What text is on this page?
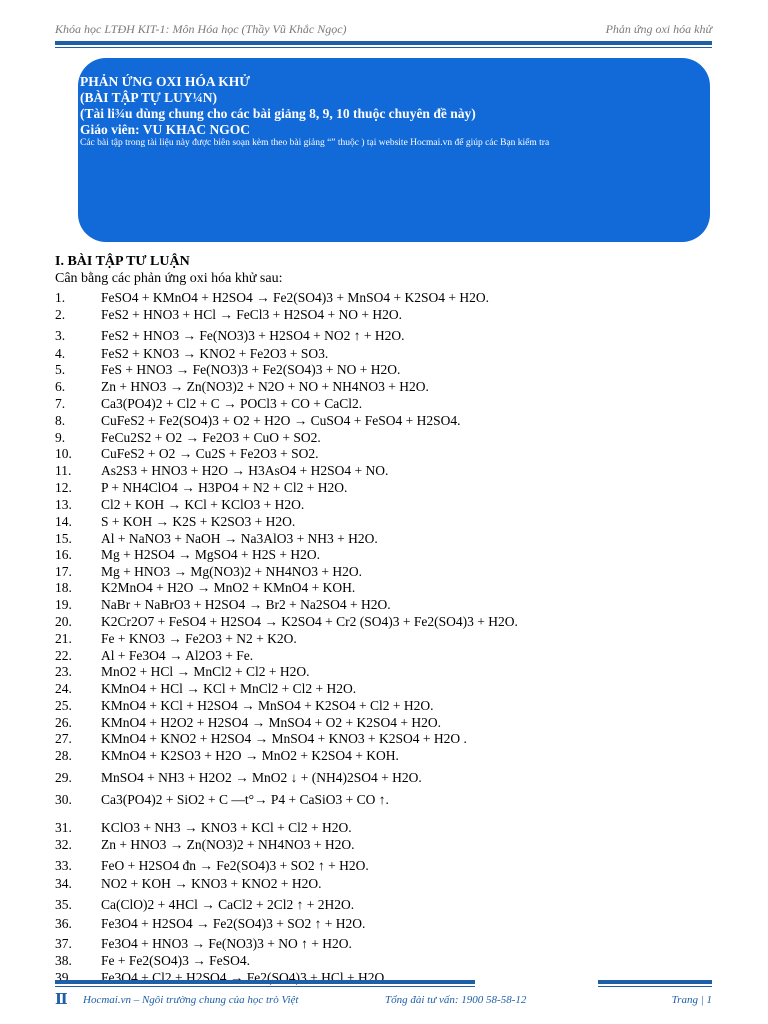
Khóa học LTĐH KIT-1: Môn Hóa học (Thầy Vũ Khắc Ngọc)	Phản ứng oxi hóa khử
PHẢN ỨNG OXI HÓA KHỬ
(BÀI TẬP TỰ LUY¼N)
(Tài li¾u dùng chung cho các bài giảng 8, 9, 10 thuộc chuyên đề này)
Giáo viên: VU KHAC NGOC
Các bài tập trong tài liệu này được biên soạn kèm theo bài giảng “” thuộc ) tại website Hocmai.vn để giúp các Bạn kiểm tra
I. BÀI TẬP TƯ LUẬN
Cân bằng các phản ứng oxi hóa khử sau:
1.	FeSO4 + KMnO4 + H2SO4 → Fe2(SO4)3 + MnSO4 + K2SO4 + H2O.
2.	FeS2 + HNO3 + HCl → FeCl3 + H2SO4 + NO + H2O.
3.	FeS2 + HNO3 → Fe(NO3)3 + H2SO4 + NO2 ↑ + H2O.
4.	FeS2 + KNO3 → KNO2 + Fe2O3 + SO3.
5.	FeS + HNO3 → Fe(NO3)3 + Fe2(SO4)3 + NO + H2O.
6.	Zn + HNO3 → Zn(NO3)2 + N2O + NO + NH4NO3 + H2O.
7.	Ca3(PO4)2 + Cl2 + C → POCl3 + CO + CaCl2.
8.	CuFeS2 + Fe2(SO4)3 + O2 + H2O → CuSO4 + FeSO4 + H2SO4.
9.	FeCu2S2 + O2 → Fe2O3 + CuO + SO2.
10. CuFeS2 + O2 → Cu2S + Fe2O3 + SO2.
11. As2S3 + HNO3 + H2O → H3AsO4 + H2SO4 + NO.
12. P + NH4ClO4 → H3PO4 + N2 + Cl2 + H2O.
13. Cl2 + KOH → KCl + KClO3 + H2O.
14. S + KOH → K2S + K2SO3 + H2O.
15. Al + NaNO3 + NaOH → Na3AlO3 + NH3 + H2O.
16. Mg + H2SO4 → MgSO4 + H2S + H2O.
17. Mg + HNO3 → Mg(NO3)2 + NH4NO3 + H2O.
18. K2MnO4 + H2O → MnO2 + KMnO4 + KOH.
19. NaBr + NaBrO3 + H2SO4 → Br2 + Na2SO4 + H2O.
20. K2Cr2O7 + FeSO4 + H2SO4 → K2SO4 + Cr2 (SO4)3 + Fe2(SO4)3 + H2O.
21. Fe + KNO3 → Fe2O3 + N2 + K2O.
22. Al + Fe3O4 → Al2O3 + Fe.
23. MnO2 + HCl → MnCl2 + Cl2 + H2O.
24. KMnO4 + HCl → KCl + MnCl2 + Cl2 + H2O.
25. KMnO4 + KCl + H2SO4 → MnSO4 + K2SO4 + Cl2 + H2O.
26. KMnO4 + H2O2 + H2SO4 → MnSO4 + O2 + K2SO4 + H2O.
27. KMnO4 + KNO2 + H2SO4 → MnSO4 + KNO3 + K2SO4 + H2O .
28. KMnO4 + K2SO3 + H2O → MnO2 + K2SO4 + KOH.
29. MnSO4 + NH3 + H2O2 → MnO2 ↓ + (NH4)2SO4 + H2O.
30. Ca3(PO4)2 + SiO2 + C —t°→ P4 + CaSiO3 + CO ↑.
31. KClO3 + NH3 → KNO3 + KCl + Cl2 + H2O.
32. Zn + HNO3 → Zn(NO3)2 + NH4NO3 + H2O.
33. FeO + H2SO4 đn → Fe2(SO4)3 + SO2 ↑ + H2O.
34. NO2 + KOH → KNO3 + KNO2 + H2O.
35. Ca(ClO)2 + 4HCl → CaCl2 + 2Cl2 ↑ + 2H2O.
36. Fe3O4 + H2SO4 → Fe2(SO4)3 + SO2 ↑ + H2O.
37. Fe3O4 + HNO3 → Fe(NO3)3 + NO ↑ + H2O.
38. Fe + Fe2(SO4)3 → FeSO4.
39. Fe3O4 + Cl2 + H2SO4 → Fe2(SO4)3 + HCl + H2O.
Ⅱ Hocmai.vn – Ngôi trường chung của học trò Việt	Tổng đài tư vấn: 1900 58-58-12	Trang | 1
